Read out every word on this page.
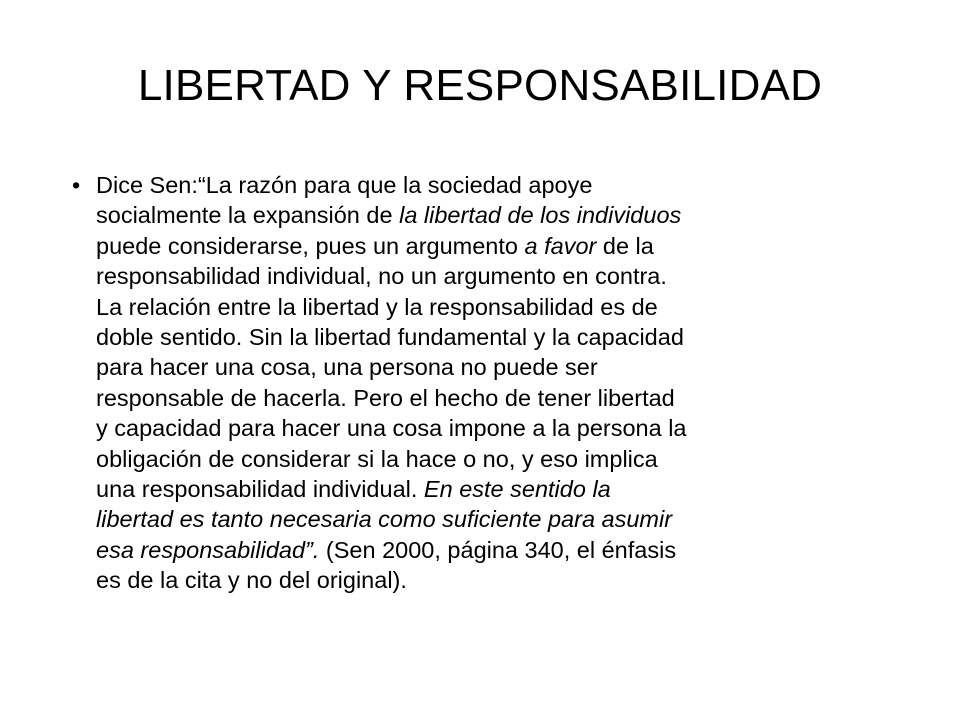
LIBERTAD Y RESPONSABILIDAD
• Dice Sen:“La razón para que la sociedad apoye
socialmente la expansión de la libertad de los individuos
puede considerarse, pues un argumento a favor de la
responsabilidad individual, no un argumento en contra.
La relación entre la libertad y la responsabilidad es de
doble sentido. Sin la libertad fundamental y la capacidad
para hacer una cosa, una persona no puede ser
responsable de hacerla. Pero el hecho de tener libertad
y capacidad para hacer una cosa impone a la persona la
obligación de considerar si la hace o no, y eso implica
una responsabilidad individual. En este sentido la
libertad es tanto necesaria como suficiente para asumir
esa responsabilidad”. (Sen 2000, página 340, el énfasis
es de la cita y no del original).
